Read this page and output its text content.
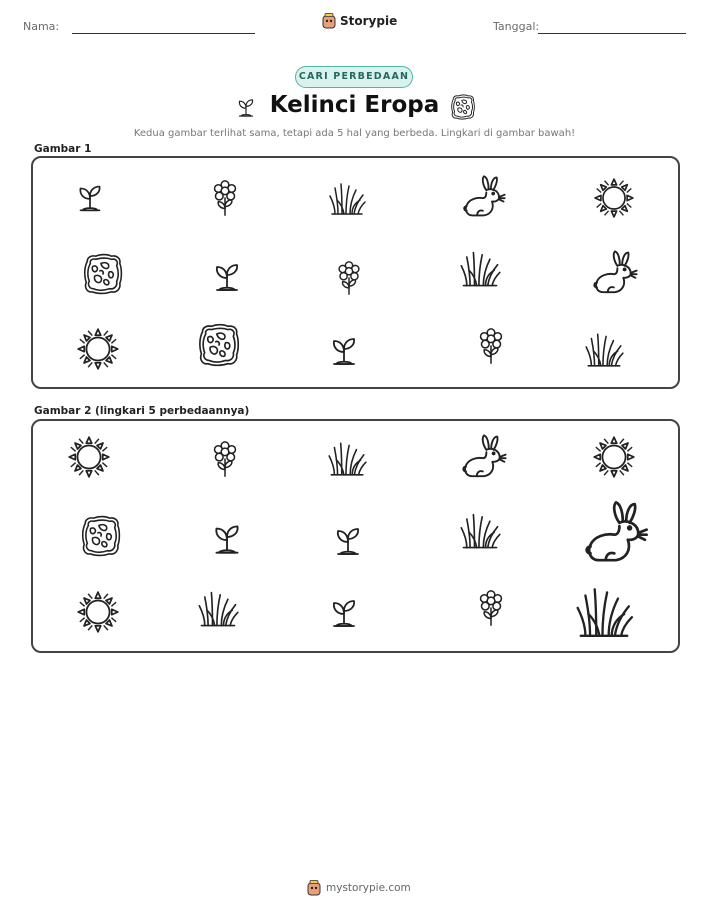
Nama:	Storypie	Tanggal:
CARI PERBEDAAN
Kelinci Eropa
Kedua gambar terlihat sama, tetapi ada 5 hal yang berbeda. Lingkari di gambar bawah!
Gambar 1
Gambar 2 (lingkari 5 perbedaannya)
mystorypie.com
